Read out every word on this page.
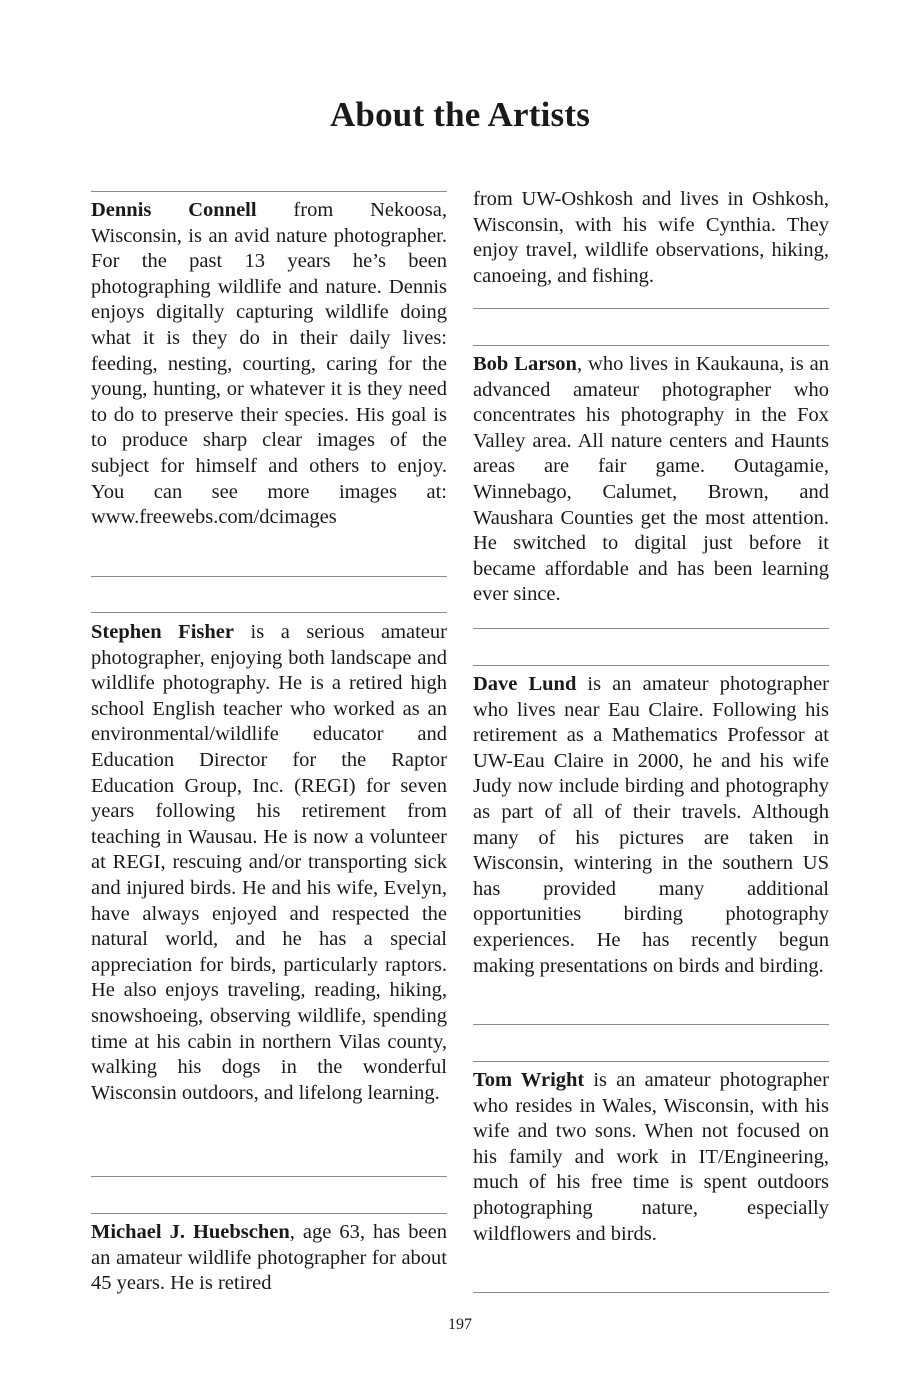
About the Artists

Dennis Connell from Nekoosa, Wisconsin, is an avid nature photographer. For the past 13 years he’s been photographing wildlife and nature. Dennis enjoys digitally capturing wildlife doing what it is they do in their daily lives: feeding, nesting, courting, caring for the young, hunting, or whatever it is they need to do to preserve their species. His goal is to produce sharp clear images of the subject for himself and others to enjoy. You can see more images at: www.freewebs.com/dcimages

Stephen Fisher is a serious amateur photographer, enjoying both landscape and wildlife photography. He is a retired high school English teacher who worked as an environmental/wildlife educator and Education Director for the Raptor Education Group, Inc. (REGI) for seven years following his retirement from teaching in Wausau. He is now a volunteer at REGI, rescuing and/or transporting sick and injured birds. He and his wife, Evelyn, have always enjoyed and respected the natural world, and he has a special appreciation for birds, particularly raptors. He also enjoys traveling, reading, hiking, snowshoeing, observing wildlife, spending time at his cabin in northern Vilas county, walking his dogs in the wonderful Wisconsin outdoors, and lifelong learning.

Michael J. Huebschen, age 63, has been an amateur wildlife photographer for about 45 years. He is retired

from UW-Oshkosh and lives in Oshkosh, Wisconsin, with his wife Cynthia. They enjoy travel, wildlife observations, hiking, canoeing, and fishing.

Bob Larson, who lives in Kaukauna, is an advanced amateur photographer who concentrates his photography in the Fox Valley area. All nature centers and Haunts areas are fair game. Outagamie, Winnebago, Calumet, Brown, and Waushara Counties get the most attention. He switched to digital just before it became affordable and has been learning ever since.

Dave Lund is an amateur photographer who lives near Eau Claire. Following his retirement as a Mathematics Professor at UW-Eau Claire in 2000, he and his wife Judy now include birding and photography as part of all of their travels. Although many of his pictures are taken in Wisconsin, wintering in the southern US has provided many additional opportunities birding photography experiences. He has recently begun making presentations on birds and birding.

Tom Wright is an amateur photographer who resides in Wales, Wisconsin, with his wife and two sons. When not focused on his family and work in IT/Engineering, much of his free time is spent outdoors photographing nature, especially wildflowers and birds.

197
